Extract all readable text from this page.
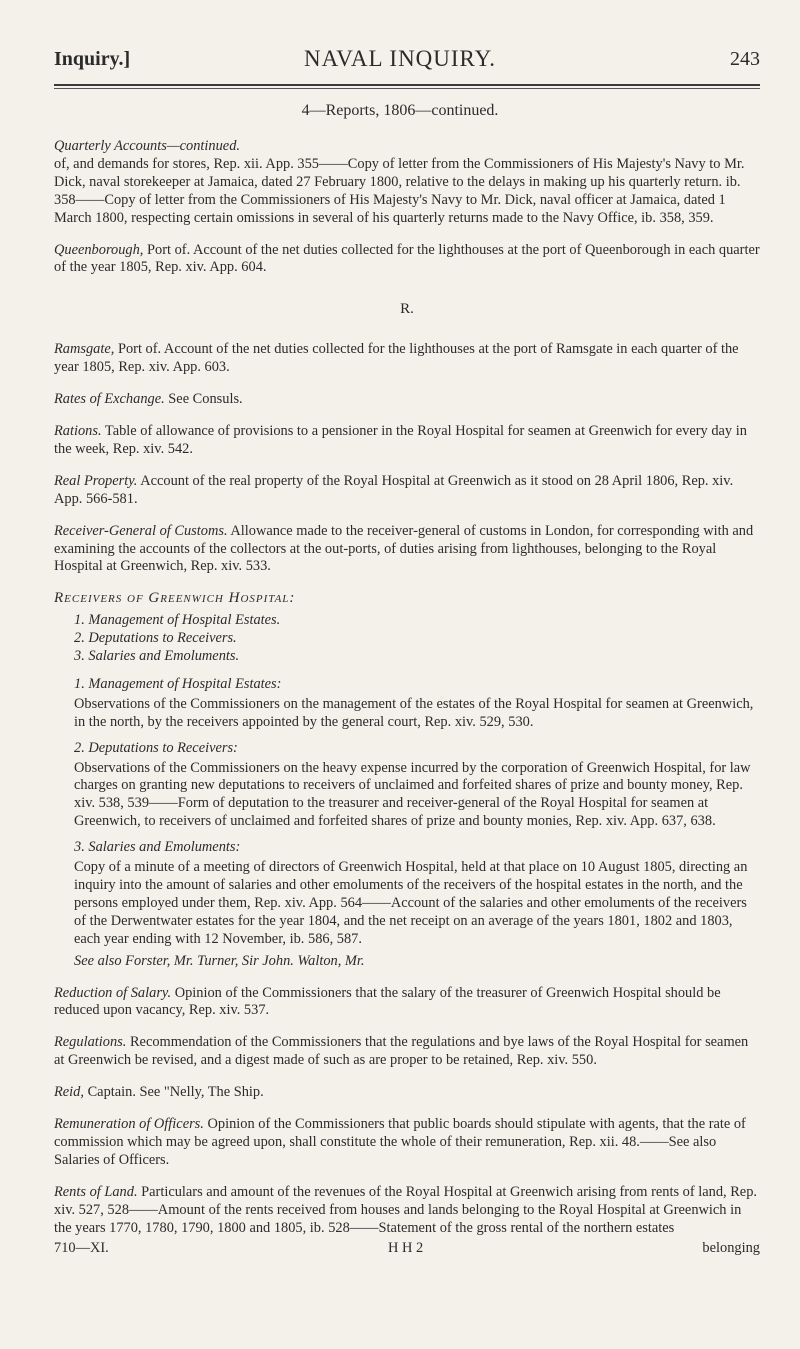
Inquiry.]	NAVAL INQUIRY.	243
4—Reports, 1806—continued.
Quarterly Accounts—continued.
of, and demands for stores, Rep. xii. App. 355——Copy of letter from the Commissioners of His Majesty's Navy to Mr. Dick, naval storekeeper at Jamaica, dated 27 February 1800, relative to the delays in making up his quarterly return. ib. 358——Copy of letter from the Commissioners of His Majesty's Navy to Mr. Dick, naval officer at Jamaica, dated 1 March 1800, respecting certain omissions in several of his quarterly returns made to the Navy Office, ib. 358, 359.
Queenborough, Port of. Account of the net duties collected for the lighthouses at the port of Queenborough in each quarter of the year 1805, Rep. xiv. App. 604.
R.
Ramsgate, Port of. Account of the net duties collected for the lighthouses at the port of Ramsgate in each quarter of the year 1805, Rep. xiv. App. 603.
Rates of Exchange. See Consuls.
Rations. Table of allowance of provisions to a pensioner in the Royal Hospital for seamen at Greenwich for every day in the week, Rep. xiv. 542.
Real Property. Account of the real property of the Royal Hospital at Greenwich as it stood on 28 April 1806, Rep. xiv. App. 566-581.
Receiver-General of Customs. Allowance made to the receiver-general of customs in London, for corresponding with and examining the accounts of the collectors at the out-ports, of duties arising from lighthouses, belonging to the Royal Hospital at Greenwich, Rep. xiv. 533.
Receivers of Greenwich Hospital:
1. Management of Hospital Estates.
2. Deputations to Receivers.
3. Salaries and Emoluments.
1. Management of Hospital Estates:
Observations of the Commissioners on the management of the estates of the Royal Hospital for seamen at Greenwich, in the north, by the receivers appointed by the general court, Rep. xiv. 529, 530.
2. Deputations to Receivers:
Observations of the Commissioners on the heavy expense incurred by the corporation of Greenwich Hospital, for law charges on granting new deputations to receivers of unclaimed and forfeited shares of prize and bounty money, Rep. xiv. 538, 539——Form of deputation to the treasurer and receiver-general of the Royal Hospital for seamen at Greenwich, to receivers of unclaimed and forfeited shares of prize and bounty monies, Rep. xiv. App. 637, 638.
3. Salaries and Emoluments:
Copy of a minute of a meeting of directors of Greenwich Hospital, held at that place on 10 August 1805, directing an inquiry into the amount of salaries and other emoluments of the receivers of the hospital estates in the north, and the persons employed under them, Rep. xiv. App. 564——Account of the salaries and other emoluments of the receivers of the Derwentwater estates for the year 1804, and the net receipt on an average of the years 1801, 1802 and 1803, each year ending with 12 November, ib. 586, 587.
See also Forster, Mr. Turner, Sir John. Walton, Mr.
Reduction of Salary. Opinion of the Commissioners that the salary of the treasurer of Greenwich Hospital should be reduced upon vacancy, Rep. xiv. 537.
Regulations. Recommendation of the Commissioners that the regulations and bye laws of the Royal Hospital for seamen at Greenwich be revised, and a digest made of such as are proper to be retained, Rep. xiv. 550.
Reid, Captain. See "Nelly, The Ship.
Remuneration of Officers. Opinion of the Commissioners that public boards should stipulate with agents, that the rate of commission which may be agreed upon, shall constitute the whole of their remuneration, Rep. xii. 48.——See also Salaries of Officers.
Rents of Land. Particulars and amount of the revenues of the Royal Hospital at Greenwich arising from rents of land, Rep. xiv. 527, 528——Amount of the rents received from houses and lands belonging to the Royal Hospital at Greenwich in the years 1770, 1780, 1790, 1800 and 1805, ib. 528——Statement of the gross rental of the northern estates
710—XI.	H H 2	belonging
